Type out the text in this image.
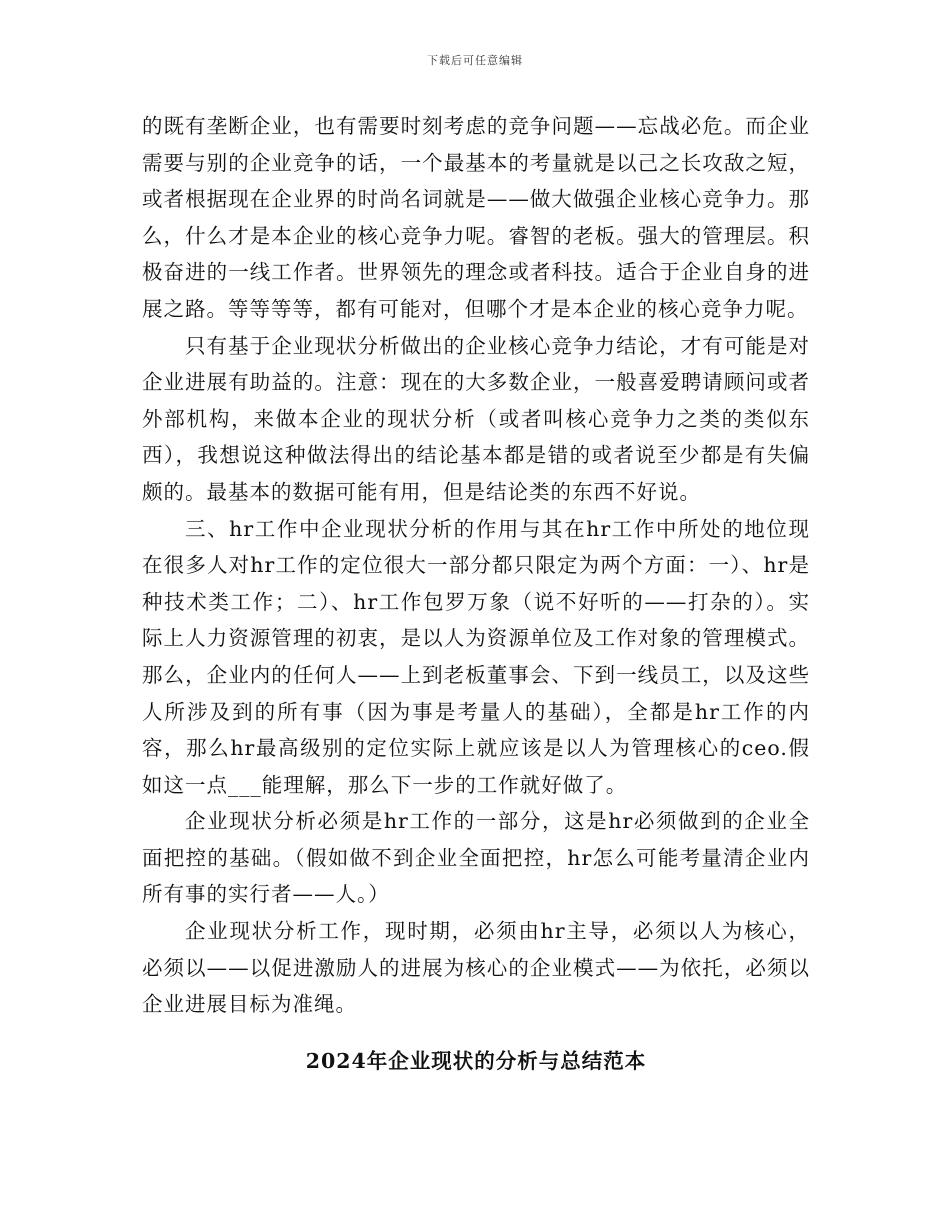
下载后可任意编辑

的既有垄断企业，也有需要时刻考虑的竞争问题——忘战必危。而企业需要与别的企业竞争的话，一个最基本的考量就是以己之长攻敌之短，或者根据现在企业界的时尚名词就是——做大做强企业核心竞争力。那么，什么才是本企业的核心竞争力呢。睿智的老板。强大的管理层。积极奋进的一线工作者。世界领先的理念或者科技。适合于企业自身的进展之路。等等等等，都有可能对，但哪个才是本企业的核心竞争力呢。

只有基于企业现状分析做出的企业核心竞争力结论，才有可能是对企业进展有助益的。注意：现在的大多数企业，一般喜爱聘请顾问或者外部机构，来做本企业的现状分析（或者叫核心竞争力之类的类似东西），我想说这种做法得出的结论基本都是错的或者说至少都是有失偏颇的。最基本的数据可能有用，但是结论类的东西不好说。

三、hr工作中企业现状分析的作用与其在hr工作中所处的地位现在很多人对hr工作的定位很大一部分都只限定为两个方面：一）、hr是种技术类工作；二）、hr工作包罗万象（说不好听的——打杂的）。实际上人力资源管理的初衷，是以人为资源单位及工作对象的管理模式。那么，企业内的任何人——上到老板董事会、下到一线员工，以及这些人所涉及到的所有事（因为事是考量人的基础），全都是hr工作的内容，那么hr最高级别的定位实际上就应该是以人为管理核心的ceo.假如这一点___能理解，那么下一步的工作就好做了。

企业现状分析必须是hr工作的一部分，这是hr必须做到的企业全面把控的基础。（假如做不到企业全面把控，hr怎么可能考量清企业内所有事的实行者——人。）

企业现状分析工作，现时期，必须由hr主导，必须以人为核心，必须以——以促进激励人的进展为核心的企业模式——为依托，必须以企业进展目标为准绳。

2024年企业现状的分析与总结范本
